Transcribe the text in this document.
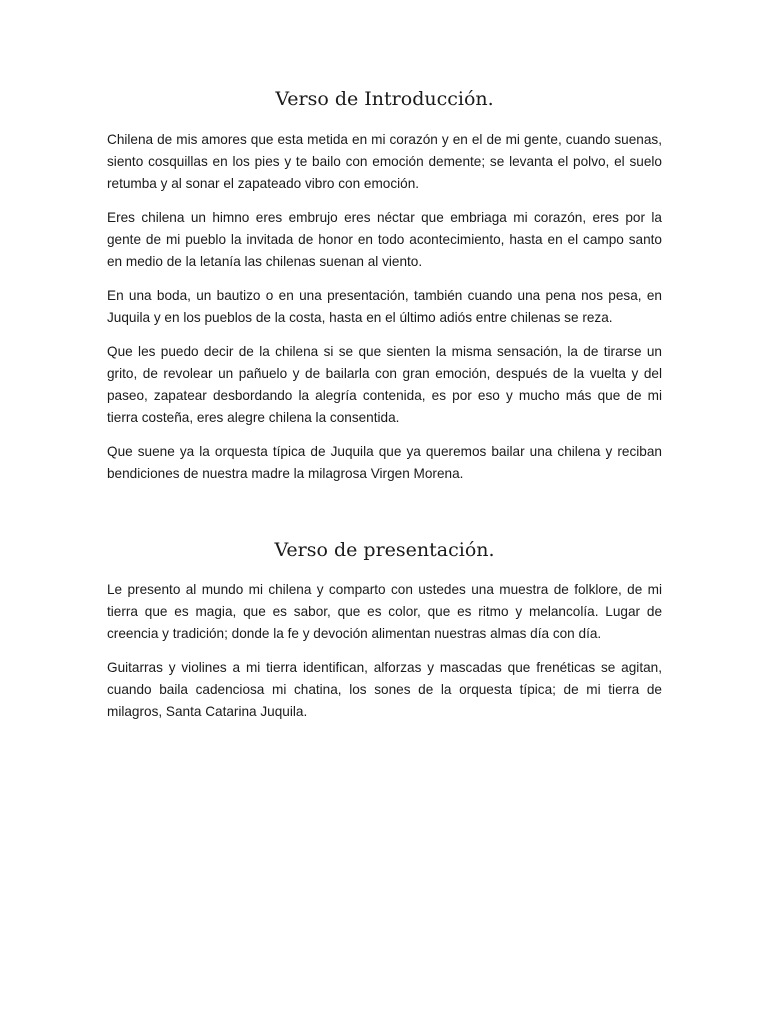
Verso de Introducción.

Chilena de mis amores que esta metida en mi corazón y en el de mi gente, cuando suenas, siento cosquillas en los pies y te bailo con emoción demente; se levanta el polvo, el suelo retumba y al sonar el zapateado vibro con emoción.

Eres chilena un himno eres embrujo eres néctar que embriaga mi corazón, eres por la gente de mi pueblo la invitada de honor en todo acontecimiento, hasta en el campo santo en medio de la letanía las chilenas suenan al viento.

En una boda, un bautizo o en una presentación, también cuando una pena nos pesa, en Juquila y en los pueblos de la costa, hasta en el último adiós entre chilenas se reza.

Que les puedo decir de la chilena si se que sienten la misma sensación, la de tirarse un grito, de revolear un pañuelo y de bailarla con gran emoción, después de la vuelta y del paseo, zapatear desbordando la alegría contenida, es por eso y mucho más que de mi tierra costeña, eres alegre chilena la consentida.

Que suene ya la orquesta típica de Juquila que ya queremos bailar una chilena y reciban bendiciones de nuestra madre la milagrosa Virgen Morena.

Verso de presentación.

Le presento al mundo mi chilena y comparto con ustedes una muestra de folklore, de mi tierra que es magia, que es sabor, que es color, que es ritmo y melancolía. Lugar de creencia y tradición; donde la fe y devoción alimentan nuestras almas día con día.

Guitarras y violines a mi tierra identifican, alforzas y mascadas que frenéticas se agitan, cuando baila cadenciosa mi chatina, los sones de la orquesta típica; de mi tierra de milagros, Santa Catarina Juquila.
